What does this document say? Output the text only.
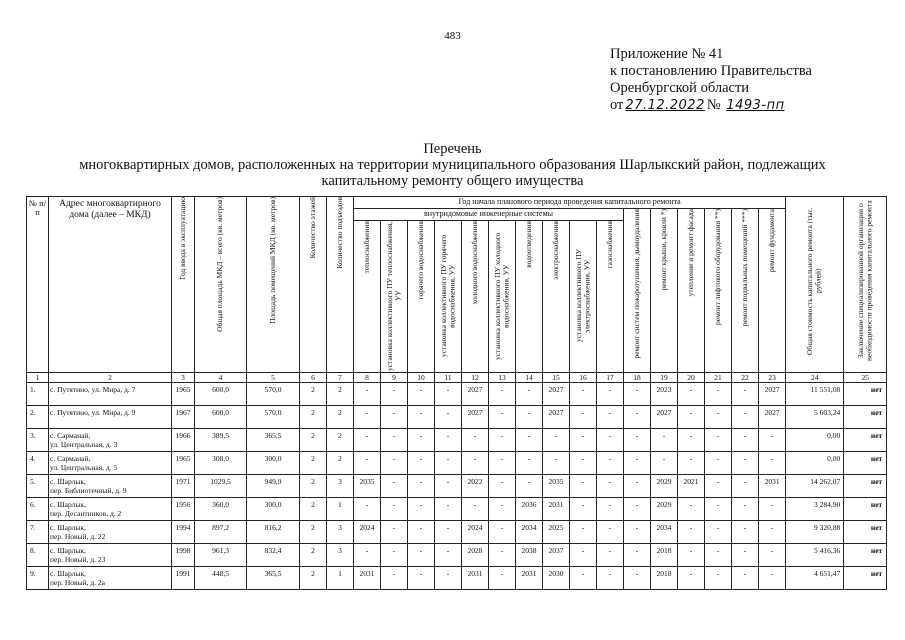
483
Приложение № 41
к постановлению Правительства
Оренбургской области
от 27.12.2022 № 1493-пп
Перечень
многоквартирных домов, расположенных на территории муниципального образования Шарлыкский район, подлежащих
капитальному ремонту общего имущества
№ п/п	Адрес многоквартирного дома (далее – МКД)	Год ввода в эксплуатацию	Общая площадь МКД – всего (кв. метров)	Площадь помещений МКД (кв. метров)	Количество этажей	Количество подъездов	Год начала планового периода проведения капитального ремонта																Общая стоимость капитального ремонта (тыс. рублей)	Заключение специализированной организации о необходимости проведения капитального ремонта

							внутридомовые инженерные системы										ремонт систем пожаротушения, дымоудаления	ремонт крыши, кровли *)	утепление и ремонт фасада	ремонт лифтового оборудования **)	ремонт подвальных помещений ***)	ремонт фундамента		

							теплоснабжения	установка коллективного ПУ теплоснабжения, УУ	горячего водоснабжения	установка коллективного ПУ горячего водоснабжения, УУ	холодного водоснабжения	установка коллективного ПУ холодного водоснабжения, УУ	водоотведения	электроснабжения	установка коллективного ПУ электроснабжения, УУ	газоснабжения								

1	2	3	4	5	6	7	8	9	10	11	12	13	14	15	16	17	18	19	20	21	22	23	24	25
1.	с. Путятино, ул. Мира, д. 7	1965	600,0	570,0	2	2	-	-	-	-	2027	-	-	2027	-	-	-	2023	-	-	-	2027	11 551,08	нет
2.	с. Путятино, ул. Мира, д. 9	1967	600,0	570,0	2	2	-	-	-	-	2027	-	-	2027	-	-	-	2027	-	-	-	2027	5 603,24	нет
3.	с. Сарманай,
ул. Центральная, д. 3	1966	389,5	365,5	2	2	-	-	-	-	-	-	-	-	-	-	-	-	-	-	-	-	0,00	нет
4.	с. Сарманай,
ул. Центральная, д. 5	1965	308,0	300,0	2	2	-	-	-	-	-	-	-	-	-	-	-	-	-	-	-	-	0,00	нет
5.	с. Шарлык,
пер. Библиотечный, д. 9	1971	1029,5	949,9	2	3	2035	-	-	-	2022	-	-	2035	-	-	-	2029	2021	-	-	2031	14 262,07	нет
6.	с. Шарлык,
пер. Десантников, д. 2	1956	360,0	300,0	2	1	-	-	-	-	-	-	2036	2031	-	-	-	2029	-	-	-	-	3 284,90	нет
7.	с. Шарлык,
пер. Новый, д. 22	1994	897,2	816,2	2	3	2024	-	-	-	2024	-	2034	2025	-	-	-	2034	-	-	-	-	9 320,88	нет
8.	с. Шарлык,
пер. Новый, д. 23	1998	961,3	832,4	2	3	-	-	-	-	2028	-	2038	2037	-	-	-	2018	-	-	-	-	5 416,36	нет
9.	с. Шарлык,
пер. Новый, д. 2а	1991	448,5	365,5	2	1	2031	-	-	-	2031	-	2031	2030	-	-	-	2018	-	-	-	-	4 651,47	нет
